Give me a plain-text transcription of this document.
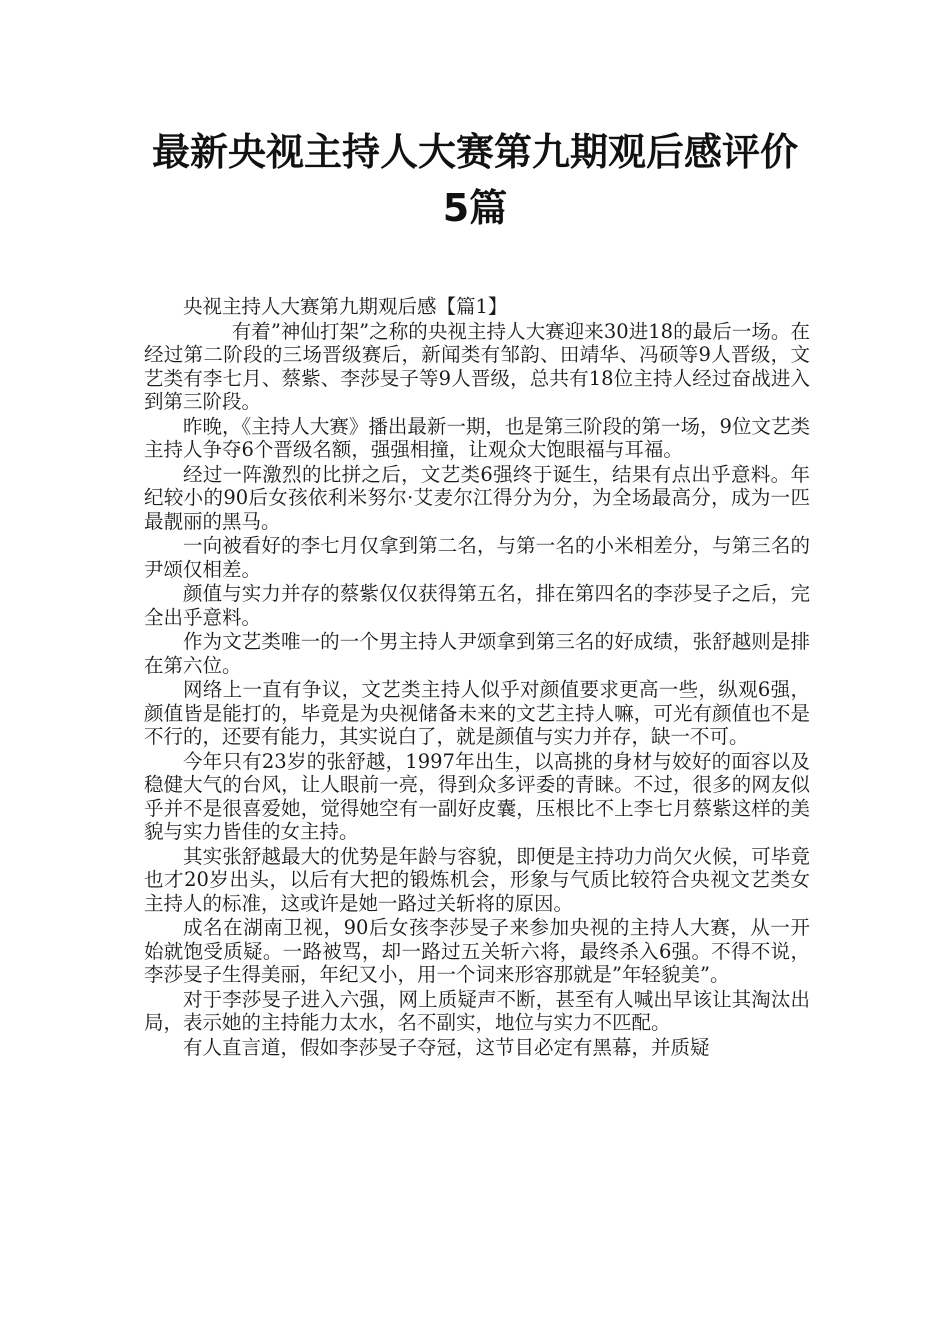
最新央视主持人大赛第九期观后感评价
5篇

央视主持人大赛第九期观后感【篇1】

有着”神仙打架”之称的央视主持人大赛迎来30进18的最后一场。在经过第二阶段的三场晋级赛后，新闻类有邹韵、田靖华、冯硕等9人晋级，文艺类有李七月、蔡紫、李莎旻子等9人晋级，总共有18位主持人经过奋战进入到第三阶段。

昨晚，《主持人大赛》播出最新一期，也是第三阶段的第一场，9位文艺类主持人争夺6个晋级名额，强强相撞，让观众大饱眼福与耳福。

经过一阵激烈的比拼之后，文艺类6强终于诞生，结果有点出乎意料。年纪较小的90后女孩依利米努尔·艾麦尔江得分为分，为全场最高分，成为一匹最靓丽的黑马。

一向被看好的李七月仅拿到第二名，与第一名的小米相差分，与第三名的尹颂仅相差。

颜值与实力并存的蔡紫仅仅获得第五名，排在第四名的李莎旻子之后，完全出乎意料。

作为文艺类唯一的一个男主持人尹颂拿到第三名的好成绩，张舒越则是排在第六位。

网络上一直有争议，文艺类主持人似乎对颜值要求更高一些，纵观6强，颜值皆是能打的，毕竟是为央视储备未来的文艺主持人嘛，可光有颜值也不是不行的，还要有能力，其实说白了，就是颜值与实力并存，缺一不可。

今年只有23岁的张舒越，1997年出生，以高挑的身材与姣好的面容以及稳健大气的台风，让人眼前一亮，得到众多评委的青睐。不过，很多的网友似乎并不是很喜爱她，觉得她空有一副好皮囊，压根比不上李七月蔡紫这样的美貌与实力皆佳的女主持。

其实张舒越最大的优势是年龄与容貌，即便是主持功力尚欠火候，可毕竟也才20岁出头，以后有大把的锻炼机会，形象与气质比较符合央视文艺类女主持人的标准，这或许是她一路过关斩将的原因。

成名在湖南卫视，90后女孩李莎旻子来参加央视的主持人大赛，从一开始就饱受质疑。一路被骂，却一路过五关斩六将，最终杀入6强。不得不说，李莎旻子生得美丽，年纪又小，用一个词来形容那就是”年轻貌美”。

对于李莎旻子进入六强，网上质疑声不断，甚至有人喊出早该让其淘汰出局，表示她的主持能力太水，名不副实，地位与实力不匹配。

有人直言道，假如李莎旻子夺冠，这节目必定有黑幕，并质疑
